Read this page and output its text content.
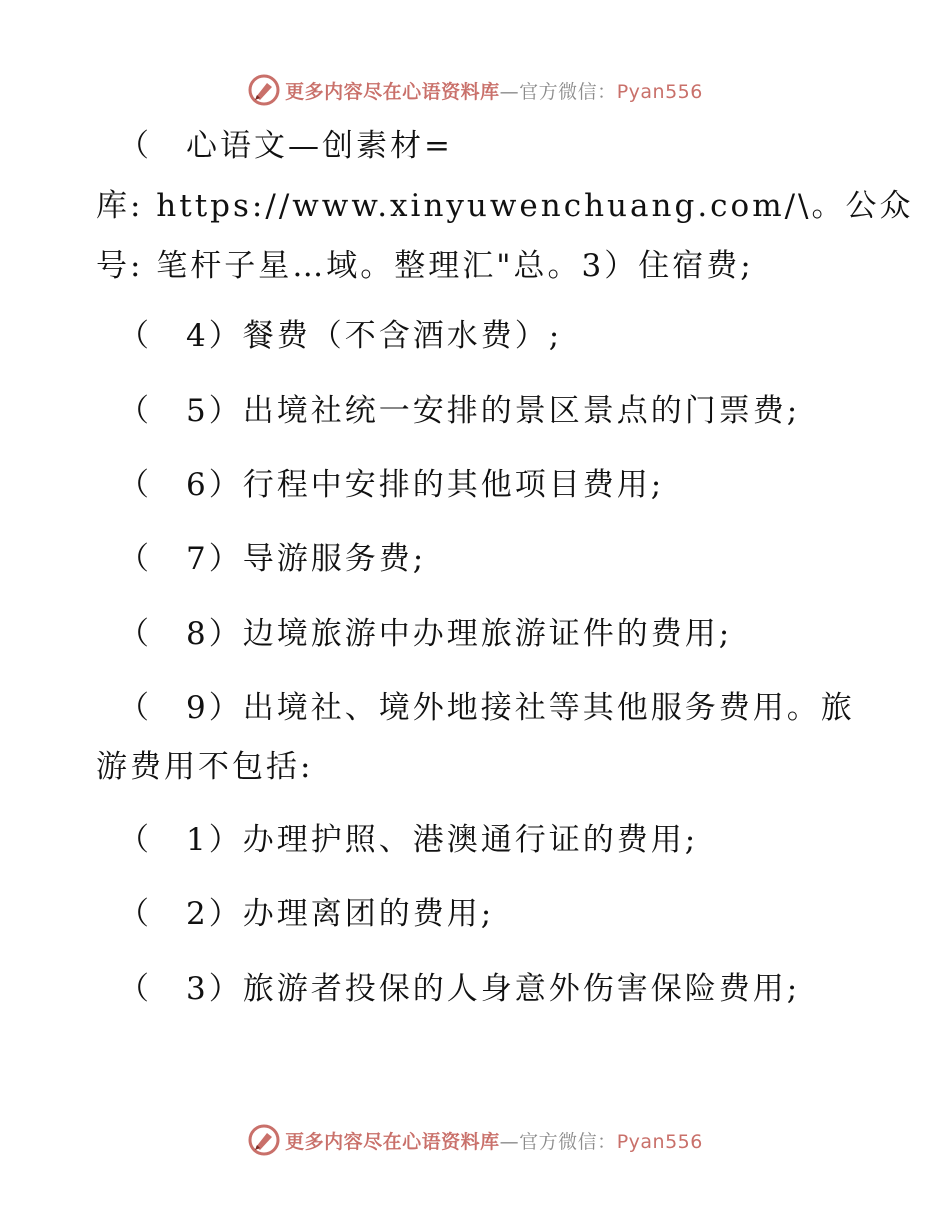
更多内容尽在心语资料库—官方微信：Pyan556
（　心语文—创素材=
库: https://www.xinyuwenchuang.com/\。公众
号: 笔杆子星…域。整理汇"总。3）住宿费;
（　4）餐费（不含酒水费）;
（　5）出境社统一安排的景区景点的门票费;
（　6）行程中安排的其他项目费用;
（　7）导游服务费;
（　8）边境旅游中办理旅游证件的费用;
（　9）出境社、境外地接社等其他服务费用。旅
游费用不包括:
（　1）办理护照、港澳通行证的费用;
（　2）办理离团的费用;
（　3）旅游者投保的人身意外伤害保险费用;
更多内容尽在心语资料库—官方微信：Pyan556
